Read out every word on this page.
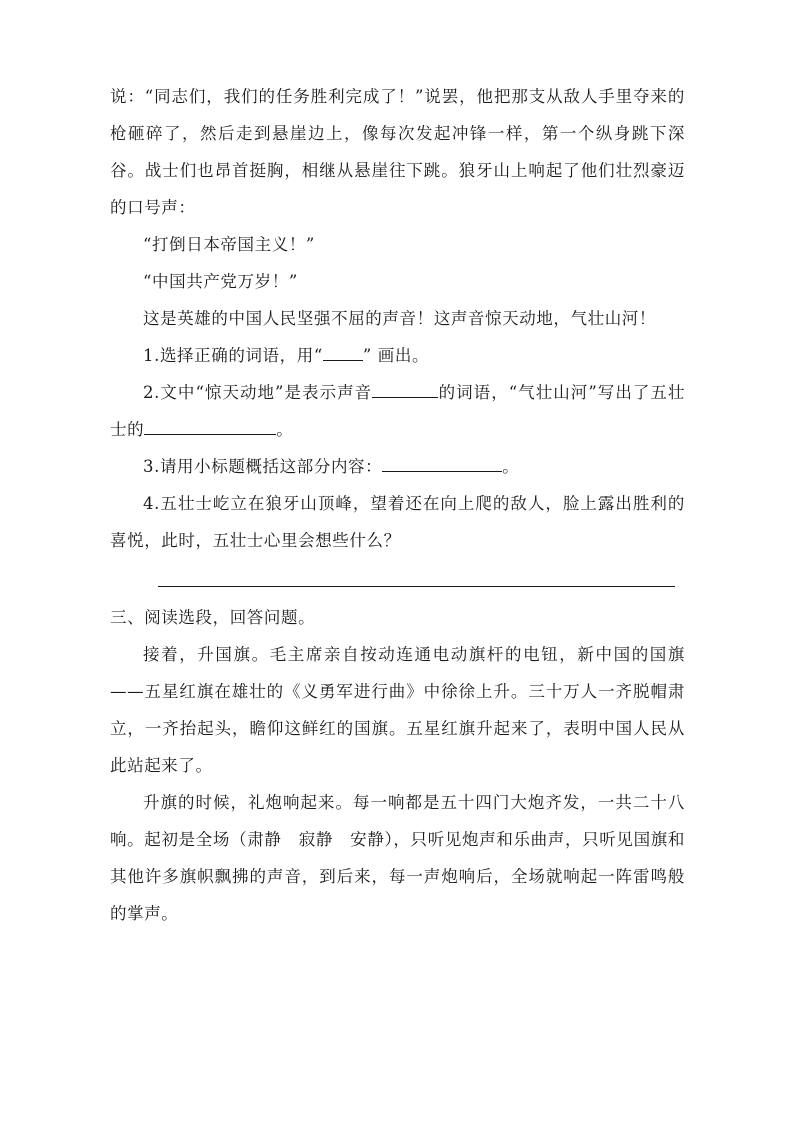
说：“同志们，我们的任务胜利完成了！”说罢，他把那支从敌人手里夺来的枪砸碎了，然后走到悬崖边上，像每次发起冲锋一样，第一个纵身跳下深谷。战士们也昂首挺胸，相继从悬崖往下跳。狼牙山上响起了他们壮烈豪迈的口号声：

“打倒日本帝国主义！”

“中国共产党万岁！”

这是英雄的中国人民坚强不屈的声音！这声音惊天动地，气壮山河！

1.选择正确的词语，用“ ” 画出。

2.文中“惊天动地”是表示声音	的词语，“气壮山河”写出了五壮士的	。

3.请用小标题概括这部分内容：	。

4.五壮士屹立在狼牙山顶峰，望着还在向上爬的敌人，脸上露出胜利的喜悦，此时，五壮士心里会想些什么？

三、阅读选段，回答问题。

接着，升国旗。毛主席亲自按动连通电动旗杆的电钮，新中国的国旗——五星红旗在雄壮的《义勇军进行曲》中徐徐上升。三十万人一齐脱帽肃立，一齐抬起头，瞻仰这鲜红的国旗。五星红旗升起来了，表明中国人民从此站起来了。

升旗的时候，礼炮响起来。每一响都是五十四门大炮齐发，一共二十八响。起初是全场（肃静　寂静　安静），只听见炮声和乐曲声，只听见国旗和其他许多旗帜飘拂的声音，到后来，每一声炮响后，全场就响起一阵雷鸣般的掌声。
